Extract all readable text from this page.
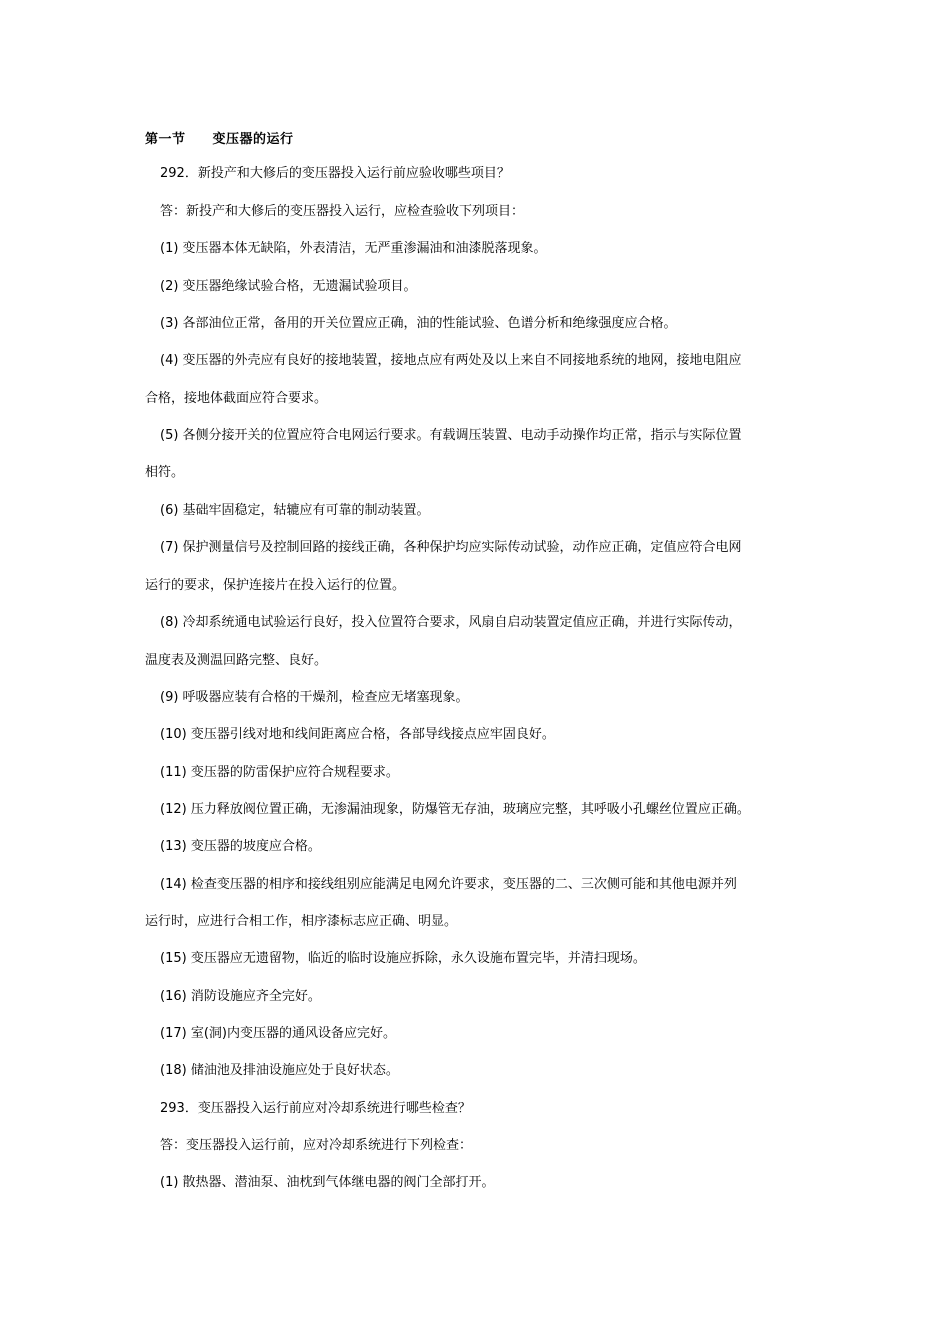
第一节　　变压器的运行
292．新投产和大修后的变压器投入运行前应验收哪些项目？
答：新投产和大修后的变压器投入运行，应检查验收下列项目：
(1) 变压器本体无缺陷，外表清洁，无严重渗漏油和油漆脱落现象。
(2) 变压器绝缘试验合格，无遗漏试验项目。
(3) 各部油位正常，备用的开关位置应正确，油的性能试验、色谱分析和绝缘强度应合格。
(4) 变压器的外壳应有良好的接地装置，接地点应有两处及以上来自不同接地系统的地网，接地电阻应
合格，接地体截面应符合要求。
(5) 各侧分接开关的位置应符合电网运行要求。有载调压装置、电动手动操作均正常，指示与实际位置
相符。
(6) 基础牢固稳定，轱辘应有可靠的制动装置。
(7) 保护测量信号及控制回路的接线正确，各种保护均应实际传动试验，动作应正确，定值应符合电网
运行的要求，保护连接片在投入运行的位置。
(8) 冷却系统通电试验运行良好，投入位置符合要求，风扇自启动装置定值应正确，并进行实际传动，
温度表及测温回路完整、良好。
(9) 呼吸器应装有合格的干燥剂，检查应无堵塞现象。
(10) 变压器引线对地和线间距离应合格，各部导线接点应牢固良好。
(11) 变压器的防雷保护应符合规程要求。
(12) 压力释放阀位置正确，无渗漏油现象，防爆管无存油，玻璃应完整，其呼吸小孔螺丝位置应正确。
(13) 变压器的坡度应合格。
(14) 检查变压器的相序和接线组别应能满足电网允许要求，变压器的二、三次侧可能和其他电源并列
运行时，应进行合相工作，相序漆标志应正确、明显。
(15) 变压器应无遗留物，临近的临时设施应拆除，永久设施布置完毕，并清扫现场。
(16) 消防设施应齐全完好。
(17) 室(洞)内变压器的通风设备应完好。
(18) 储油池及排油设施应处于良好状态。
293．变压器投入运行前应对冷却系统进行哪些检查？
答：变压器投入运行前，应对冷却系统进行下列检查：
(1) 散热器、潜油泵、油枕到气体继电器的阀门全部打开。
